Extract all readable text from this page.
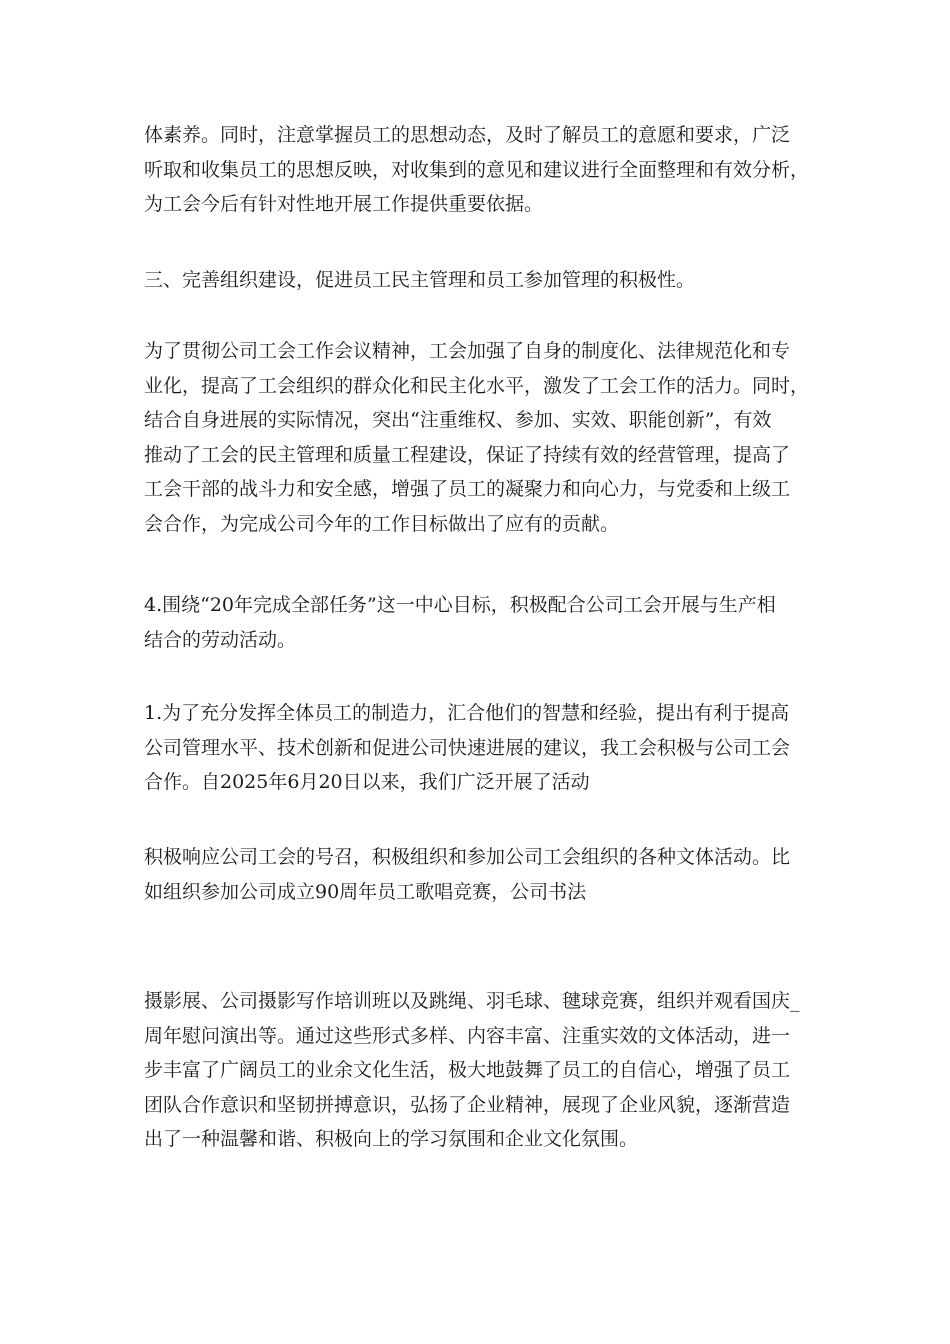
体素养。同时，注意掌握员工的思想动态，及时了解员工的意愿和要求，广泛
听取和收集员工的思想反映，对收集到的意见和建议进行全面整理和有效分析，
为工会今后有针对性地开展工作提供重要依据。
三、完善组织建设，促进员工民主管理和员工参加管理的积极性。
为了贯彻公司工会工作会议精神，工会加强了自身的制度化、法律规范化和专
业化，提高了工会组织的群众化和民主化水平，激发了工会工作的活力。同时，
结合自身进展的实际情况，突出“注重维权、参加、实效、职能创新”，有效
推动了工会的民主管理和质量工程建设，保证了持续有效的经营管理，提高了
工会干部的战斗力和安全感，增强了员工的凝聚力和向心力，与党委和上级工
会合作，为完成公司今年的工作目标做出了应有的贡献。
4.围绕“20年完成全部任务”这一中心目标，积极配合公司工会开展与生产相
结合的劳动活动。
1.为了充分发挥全体员工的制造力，汇合他们的智慧和经验，提出有利于提高
公司管理水平、技术创新和促进公司快速进展的建议，我工会积极与公司工会
合作。自2025年6月20日以来，我们广泛开展了活动
积极响应公司工会的号召，积极组织和参加公司工会组织的各种文体活动。比
如组织参加公司成立90周年员工歌唱竞赛，公司书法
摄影展、公司摄影写作培训班以及跳绳、羽毛球、毽球竞赛，组织并观看国庆_
周年慰问演出等。通过这些形式多样、内容丰富、注重实效的文体活动，进一
步丰富了广阔员工的业余文化生活，极大地鼓舞了员工的自信心，增强了员工
团队合作意识和坚韧拼搏意识，弘扬了企业精神，展现了企业风貌，逐渐营造
出了一种温馨和谐、积极向上的学习氛围和企业文化氛围。
